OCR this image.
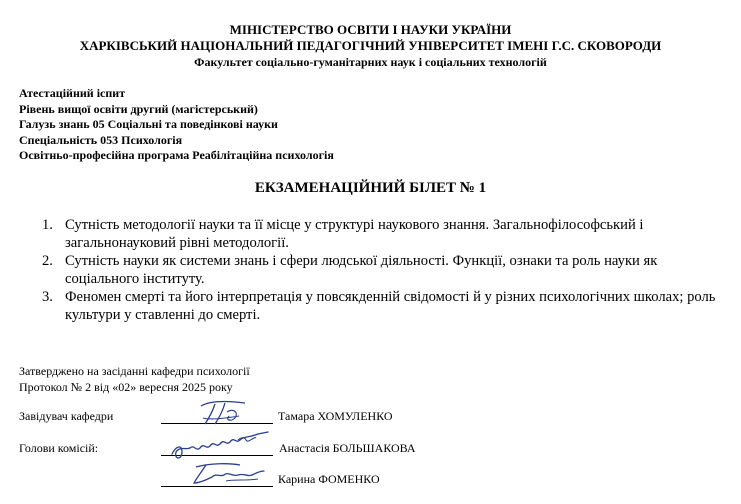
МІНІСТЕРСТВО ОСВІТИ І НАУКИ УКРАЇНИ
ХАРКІВСЬКИЙ НАЦІОНАЛЬНИЙ ПЕДАГОГІЧНИЙ УНІВЕРСИТЕТ ІМЕНІ Г.С. СКОВОРОДИ
Факультет соціально-гуманітарних наук і соціальних технологій
Атестаційний іспит
Рівень вищої освіти другий (магістерський)
Галузь знань 05 Соціальні та поведінкові науки
Спеціальність 053 Психологія
Освітньо-професійна програма Реабілітаційна психологія
ЕКЗАМЕНАЦІЙНИЙ БІЛЕТ № 1
1. Сутність методології науки та її місце у структурі наукового знання. Загальнофілософський і загальнонауковий рівні методології.
2. Сутність науки як системи знань і сфери людської діяльності. Функції, ознаки та роль науки як соціального інституту.
3. Феномен смерті та його інтерпретація у повсякденній свідомості й у різних психологічних школах; роль культури у ставленні до смерті.
Затверджено на засіданні кафедри психології
Протокол № 2 від «02» вересня 2025 року
Завідувач кафедри	Тамара ХОМУЛЕНКО
Голови комісій:	Анастасія БОЛЬШАКОВА
Карина ФОМЕНКО
